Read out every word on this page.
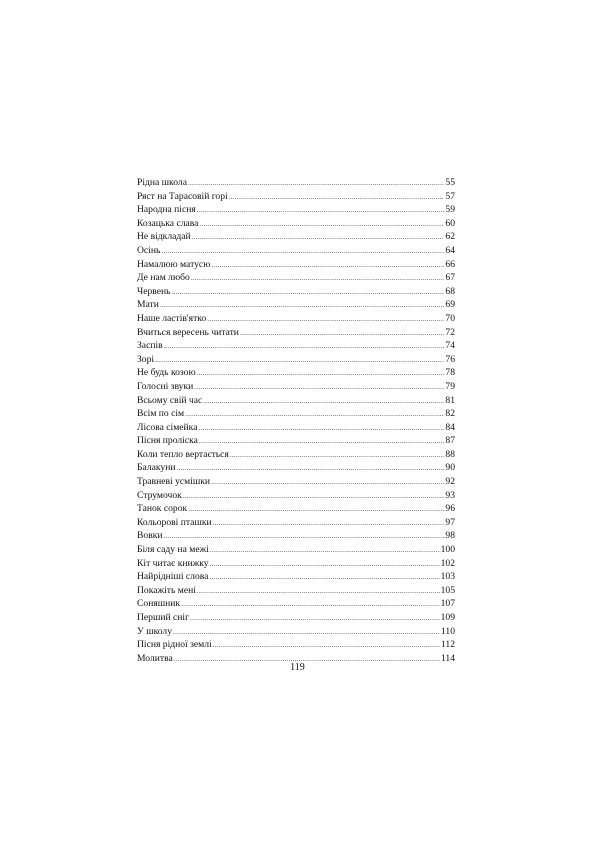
Рідна школа .....	55
Ряст на Тарасовій горі .....	57
Народна пісня .....	59
Козацька слава .....	60
Не відкладай .....	62
Осінь .....	64
Намалюю матусю .....	66
Де нам любо .....	67
Червень .....	68
Мати .....	69
Наше ластів'ятко .....	70
Вчиться вересень читати .....	72
Заспів .....	74
Зорі .....	76
Не будь козою .....	78
Голосні звуки .....	79
Всьому свій час .....	81
Всім по сім .....	82
Лісова сімейка .....	84
Пісня проліска .....	87
Коли тепло вертається .....	88
Балакуни .....	90
Травневі усмішки .....	92
Струмочок .....	93
Танок сорок .....	96
Кольорові пташки .....	97
Вовки .....	98
Біля саду на межі .....	100
Кіт читає книжку .....	102
Найрідніші слова .....	103
Покажіть мені .....	105
Соняшник .....	107
Перший сніг .....	109
У школу .....	110
Пісня рідної землі .....	112
Молитва .....	114
119
